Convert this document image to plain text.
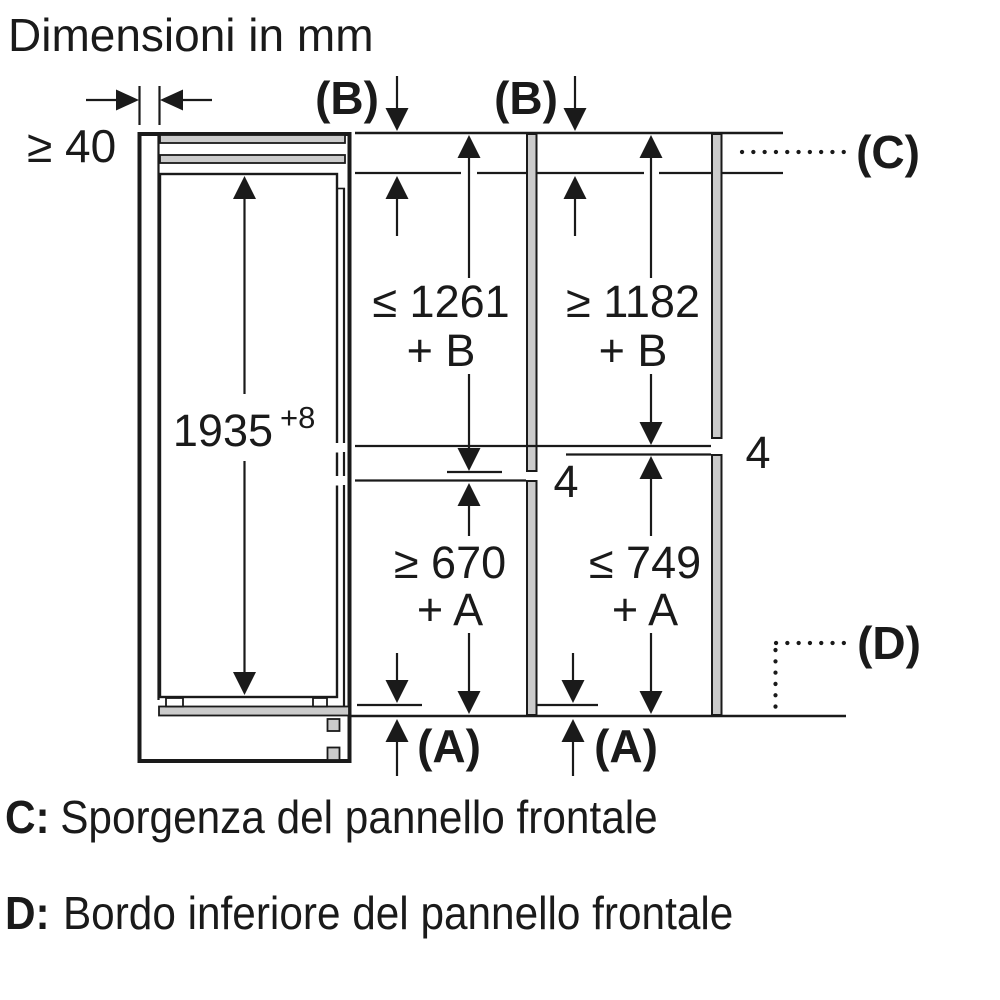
Dimensioni in mm
≥ 40
1935 +8
(B)	(B)
≤ 1261
+ B
≥ 670
+ A
≥ 1182
+ B
≤ 749
+ A
4
4
(A) (A)
(C)
(D)
C: Sporgenza del pannello frontale
D: Bordo inferiore del pannello frontale
